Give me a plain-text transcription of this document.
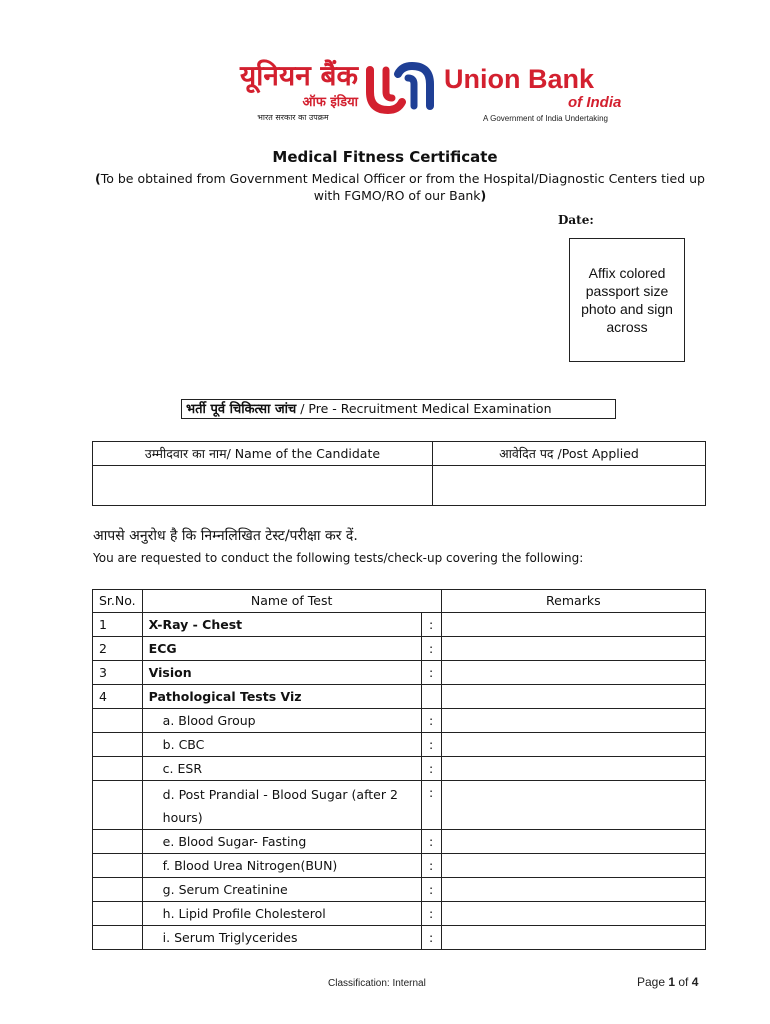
यूनियन बैंक
ऑफ इंडिया
भारत सरकार का उपक्रम
Union Bank
of India
A Government of India Undertaking
Medical Fitness Certificate
(To be obtained from Government Medical Officer or from the Hospital/Diagnostic Centers tied up with FGMO/RO of our Bank)
Date:
Affix colored passport size photo and sign across
भर्ती पूर्व चिकित्सा जांच / Pre - Recruitment Medical Examination
उम्मीदवार का नाम/ Name of the Candidate	आवेदित पद /Post Applied

आपसे अनुरोध है कि निम्नलिखित टेस्ट/परीक्षा कर दें.
You are requested to conduct the following tests/check-up covering the following:
Sr.No.	Name of Test		Remarks
1	X-Ray - Chest	:	
2	ECG	:	
3	Vision	:	
4	Pathological Tests Viz		
	a. Blood Group	:	
	b. CBC	:	
	c. ESR	:	
	d. Post Prandial - Blood Sugar (after 2 hours)	:	
	e. Blood Sugar- Fasting	:	
	f. Blood Urea Nitrogen(BUN)	:	
	g. Serum Creatinine	:	
	h. Lipid Profile Cholesterol	:	
	i. Serum Triglycerides	:	
Classification: Internal	Page 1 of 4
